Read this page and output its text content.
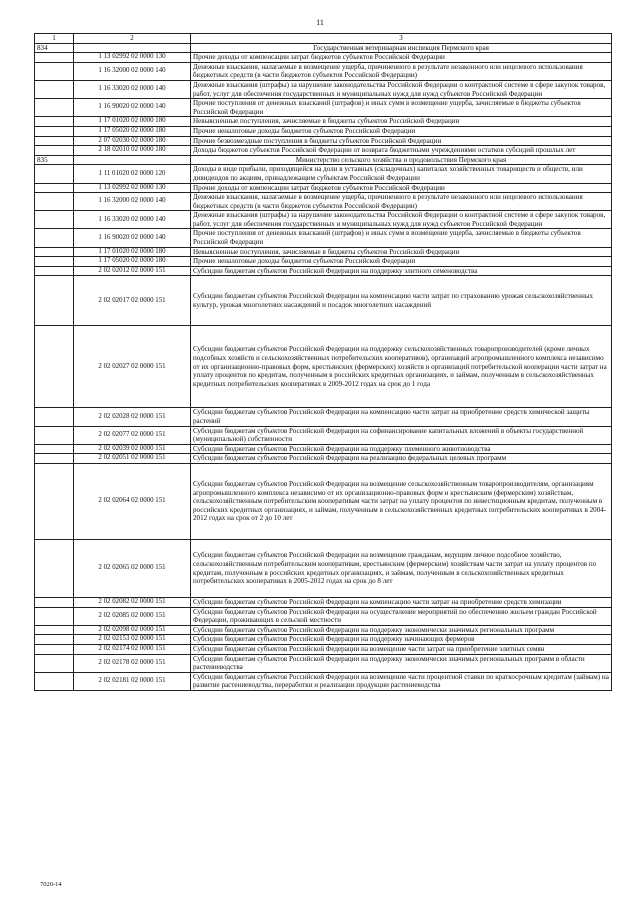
11
1	2	3
834		Государственная ветеринарная инспекция Пермского края
	1 13 02992 02 0000 130	Прочие доходы от компенсации затрат бюджетов субъектов Российской Федерации
	1 16 32000 02 0000 140	Денежные взыскания, налагаемые в возмещение ущерба, причиненного в результате незаконного или нецелевого использования бюджетных средств (в части бюджетов субъектов Российской Федерации)
	1 16 33020 02 0000 140	Денежные взыскания (штрафы) за нарушение законодательства Российской Федерации о контрактной системе в сфере закупок товаров, работ, услуг для обеспечения государственных и муниципальных нужд для нужд субъектов Российской Федерации
	1 16 90020 02 0000 140	Прочие поступления от денежных взысканий (штрафов) и иных сумм в возмещение ущерба, зачисляемые в бюджеты субъектов Российской Федерации
	1 17 01020 02 0000 180	Невыясненные поступления, зачисляемые в бюджеты субъектов Российской Федерации
	1 17 05020 02 0000 180	Прочие неналоговые доходы бюджетов субъектов Российской Федерации
	2 07 02030 02 0000 180	Прочие безвозмездные поступления в бюджеты субъектов Российской Федерации
	2 18 02010 02 0000 180	Доходы бюджетов субъектов Российской Федерации от возврата бюджетными учреждениями остатков субсидий прошлых лет
835		Министерство сельского хозяйства и продовольствия Пермского края
	1 11 01020 02 0000 120	Доходы в виде прибыли, приходящейся на доли в уставных (складочных) капиталах хозяйственных товариществ и обществ, или дивидендов по акциям, принадлежащим субъектам Российской Федерации
	1 13 02992 02 0000 130	Прочие доходы от компенсации затрат бюджетов субъектов Российской Федерации
	1 16 32000 02 0000 140	Денежные взыскания, налагаемые в возмещение ущерба, причиненного в результате незаконного или нецелевого использования бюджетных средств (в части бюджетов субъектов Российской Федерации)
	1 16 33020 02 0000 140	Денежные взыскания (штрафы) за нарушение законодательства Российской Федерации о контрактной системе в сфере закупок товаров, работ, услуг для обеспечения государственных и муниципальных нужд для нужд субъектов Российской Федерации
	1 16 90020 02 0000 140	Прочие поступления от денежных взысканий (штрафов) и иных сумм в возмещение ущерба, зачисляемые в бюджеты субъектов Российской Федерации
	1 17 01020 02 0000 180	Невыясненные поступления, зачисляемые в бюджеты субъектов Российской Федерации
	1 17 05020 02 0000 180	Прочие неналоговые доходы бюджетов субъектов Российской Федерации
	2 02 02012 02 0000 151	Субсидии бюджетам субъектов Российской Федерации на поддержку элитного семеноводства
	2 02 02017 02 0000 151	Субсидии бюджетам субъектов Российской Федерации на компенсацию части затрат по страхованию урожая сельскохозяйственных культур, урожая многолетних насаждений и посадок многолетних насаждений
	2 02 02027 02 0000 151	Субсидии бюджетам субъектов Российской Федерации на поддержку сельскохозяйственных товаропроизводителей (кроме личных подсобных хозяйств и сельскохозяйственных потребительских кооперативов), организаций агропромышленного комплекса независимо от их организационно-правовых форм, крестьянских (фермерских) хозяйств и организаций потребительской кооперации части затрат на уплату процентов по кредитам, полученным в российских кредитных организациях, и займам, полученным в сельскохозяйственных кредитных потребительских кооперативах в 2009-2012 годах на срок до 1 года
	2 02 02028 02 0000 151	Субсидии бюджетам субъектов Российской Федерации на компенсацию части затрат на приобретение средств химической защиты растений
	2 02 02077 02 0000 151	Субсидии бюджетам субъектов Российской Федерации на софинансирование капитальных вложений в объекты государственной (муниципальной) собственности
	2 02 02039 02 0000 151	Субсидии бюджетам субъектов Российской Федерации на поддержку племенного животноводства
	2 02 02051 02 0000 151	Субсидии бюджетам субъектов Российской Федерации на реализацию федеральных целевых программ
	2 02 02064 02 0000 151	Субсидии бюджетам субъектов Российской Федерации на возмещение сельскохозяйственным товаропроизводителям, организациям агропромышленного комплекса независимо от их организационно-правовых форм и крестьянским (фермерским) хозяйствам, сельскохозяйственным потребительским кооперативам части затрат на уплату процентов по инвестиционным кредитам, полученным в российских кредитных организациях, и займам, полученным в сельскохозяйственных кредитных потребительских кооперативах в 2004-2012 годах на срок от 2 до 10 лет
	2 02 02065 02 0000 151	Субсидии бюджетам субъектов Российской Федерации на возмещение гражданам, ведущим личное подсобное хозяйство, сельскохозяйственным потребительским кооперативам, крестьянским (фермерским) хозяйствам части затрат на уплату процентов по кредитам, полученным в российских кредитных организациях, и займам, полученным в сельскохозяйственных кредитных потребительских кооперативах в 2005-2012 годах на срок до 8 лет
	2 02 02082 02 0000 151	Субсидии бюджетам субъектов Российской Федерации на компенсацию части затрат на приобретение средств химизации
	2 02 02085 02 0000 151	Субсидии бюджетам субъектов Российской Федерации на осуществление мероприятий по обеспечению жильем граждан Российской Федерации, проживающих в сельской местности
	2 02 02098 02 0000 151	Субсидии бюджетам субъектов Российской Федерации на поддержку экономически значимых региональных программ
	2 02 02153 02 0000 151	Субсидии бюджетам субъектов Российской Федерации на поддержку начинающих фермеров
	2 02 02174 02 0000 151	Субсидии бюджетам субъектов Российской Федерации на возмещение части затрат на приобретение элитных семян
	2 02 02178 02 0000 151	Субсидии бюджетам субъектов Российской Федерации на поддержку экономически значимых региональных программ в области растениеводства
	2 02 02181 02 0000 151	Субсидии бюджетам субъектов Российской Федерации на возмещение части процентной ставки по краткосрочным кредитам (займам) на развитие растениеводства, переработки и реализации продукции растениеводства
7020-14
